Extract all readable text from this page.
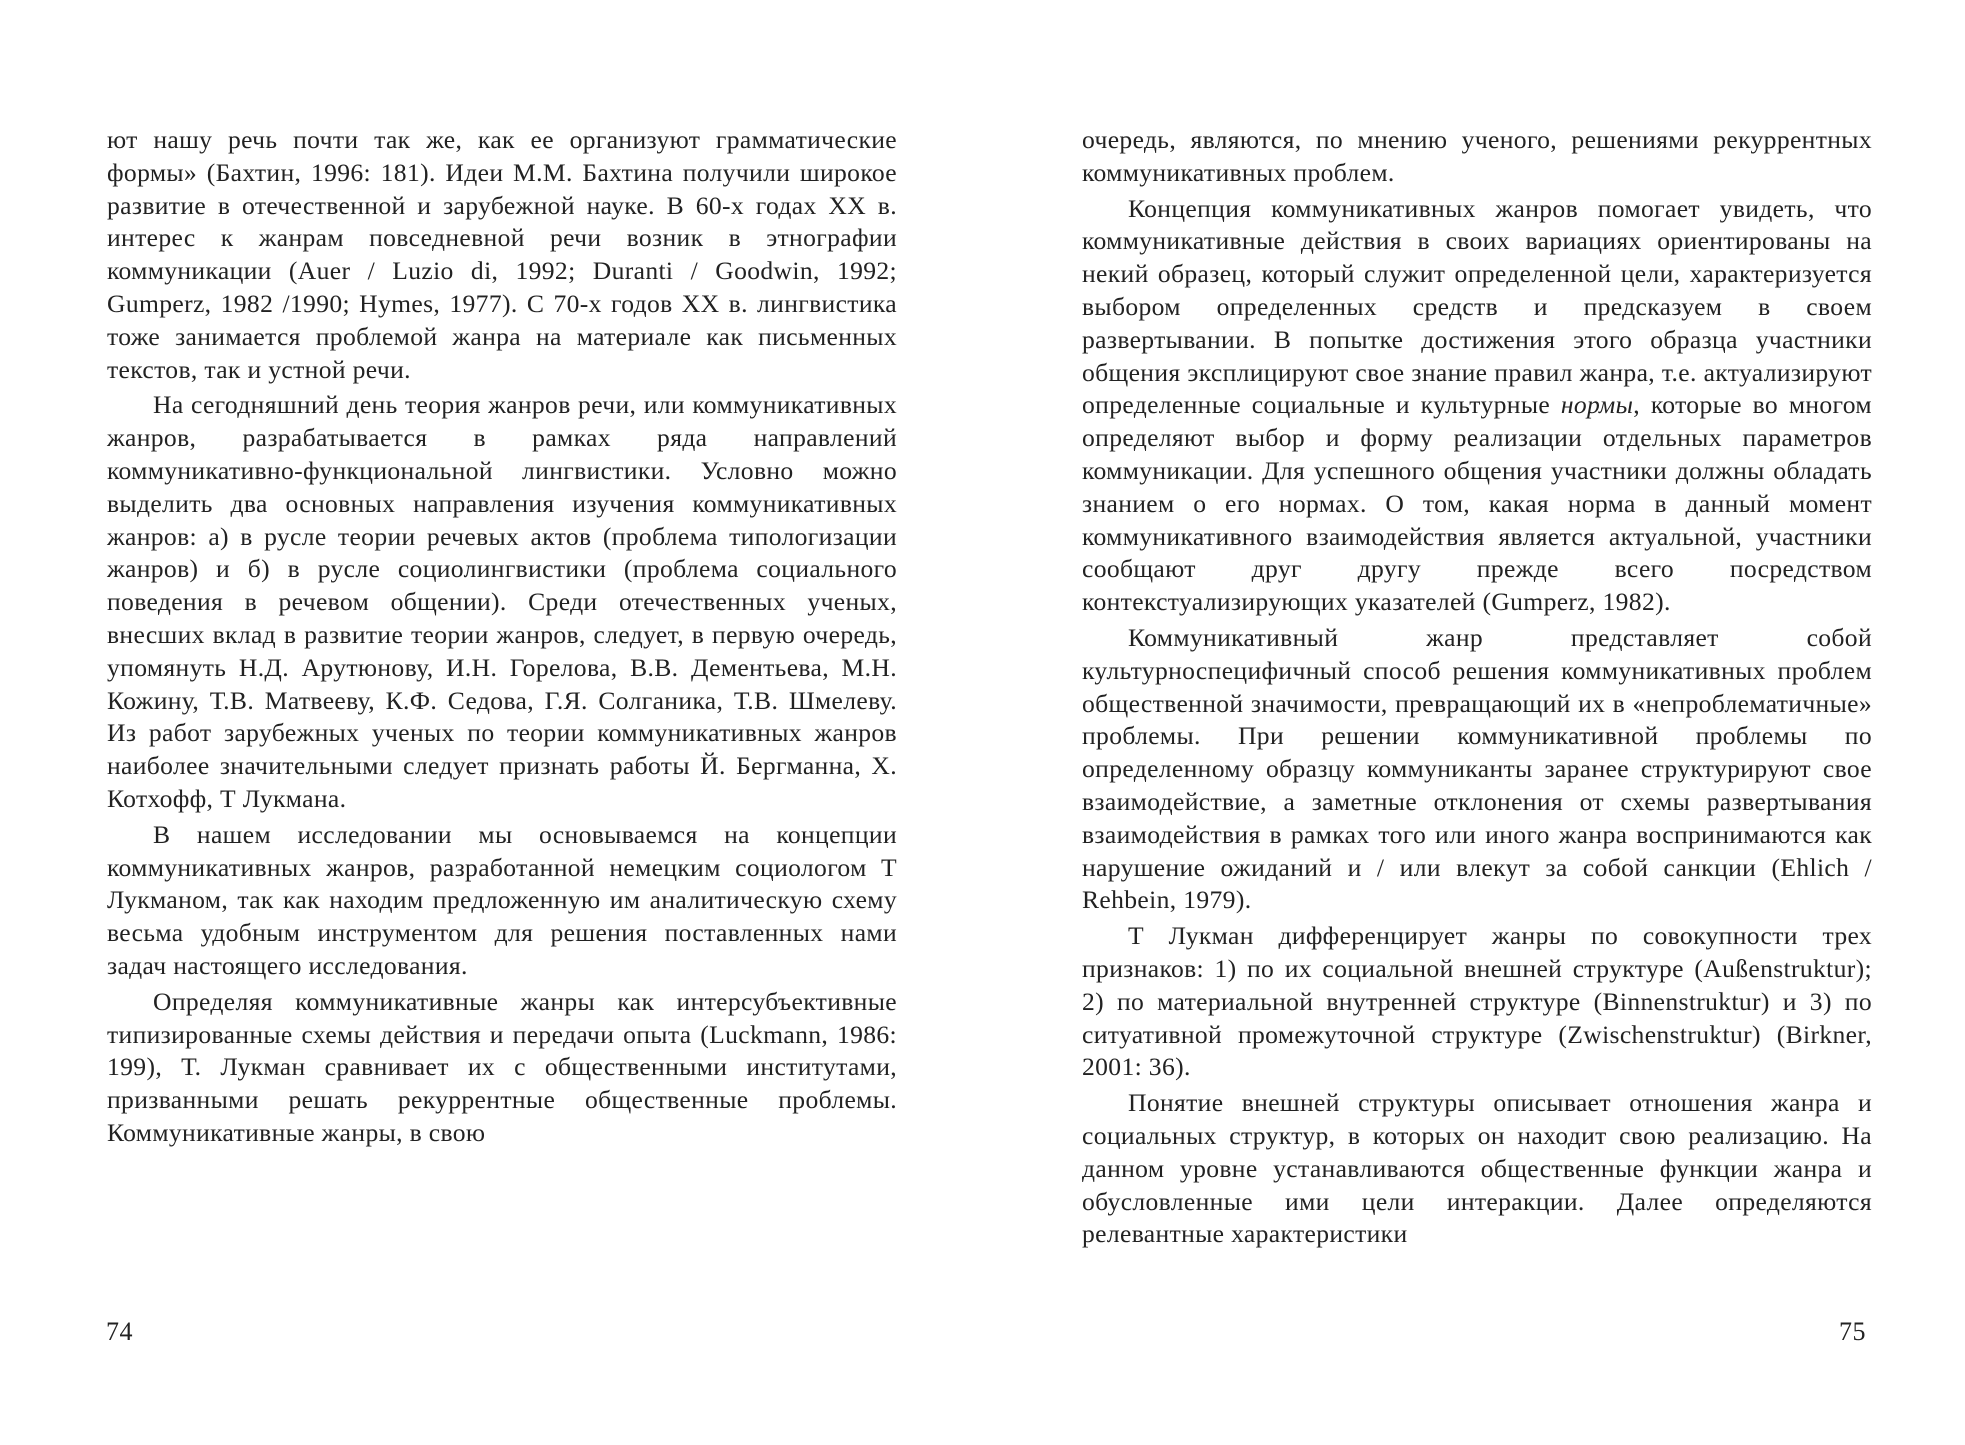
ют нашу речь почти так же, как ее организуют грамматические формы» (Бахтин, 1996: 181). Идеи М.М. Бахтина получили широкое развитие в отечественной и зарубежной науке. В 60-х годах XX в. интерес к жанрам повседневной речи возник в этнографии коммуникации (Auer / Luzio di, 1992; Duranti / Goodwin, 1992; Gumperz, 1982 /1990; Hymes, 1977). С 70-х годов XX в. лингвистика тоже занимается проблемой жанра на материале как письменных текстов, так и устной речи.

На сегодняшний день теория жанров речи, или коммуникативных жанров, разрабатывается в рамках ряда направлений коммуникативно-функциональной лингвистики. Условно можно выделить два основных направления изучения коммуникативных жанров: а) в русле теории речевых актов (проблема типологизации жанров) и б) в русле социолингвистики (проблема социального поведения в речевом общении). Среди отечественных ученых, внесших вклад в развитие теории жанров, следует, в первую очередь, упомянуть Н.Д. Арутюнову, И.Н. Горелова, В.В. Дементьева, М.Н. Кожину, Т.В. Матвееву, К.Ф. Седова, Г.Я. Солганика, Т.В. Шмелеву. Из работ зарубежных ученых по теории коммуникативных жанров наиболее значительными следует признать работы Й. Бергманна, Х. Котхофф, Т Лукмана.

В нашем исследовании мы основываемся на концепции коммуникативных жанров, разработанной немецким социологом Т Лукманом, так как находим предложенную им аналитическую схему весьма удобным инструментом для решения поставленных нами задач настоящего исследования.

Определяя коммуникативные жанры как интерсубъективные типизированные схемы действия и передачи опыта (Luckmann, 1986: 199), Т. Лукман сравнивает их с общественными институтами, призванными решать рекуррентные общественные проблемы. Коммуникативные жанры, в свою

74

очередь, являются, по мнению ученого, решениями рекуррентных коммуникативных проблем.

Концепция коммуникативных жанров помогает увидеть, что коммуникативные действия в своих вариациях ориентированы на некий образец, который служит определенной цели, характеризуется выбором определенных средств и предсказуем в своем развертывании. В попытке достижения этого образца участники общения эксплицируют свое знание правил жанра, т.е. актуализируют определенные социальные и культурные нормы, которые во многом определяют выбор и форму реализации отдельных параметров коммуникации. Для успешного общения участники должны обладать знанием о его нормах. О том, какая норма в данный момент коммуникативного взаимодействия является актуальной, участники сообщают друг другу прежде всего посредством контекстуализирующих указателей (Gumperz, 1982).

Коммуникативный жанр представляет собой культурноспецифичный способ решения коммуникативных проблем общественной значимости, превращающий их в «непроблематичные» проблемы. При решении коммуникативной проблемы по определенному образцу коммуниканты заранее структурируют свое взаимодействие, а заметные отклонения от схемы развертывания взаимодействия в рамках того или иного жанра воспринимаются как нарушение ожиданий и / или влекут за собой санкции (Ehlich / Rehbein, 1979).

Т Лукман дифференцирует жанры по совокупности трех признаков: 1) по их социальной внешней структуре (Außenstruktur); 2) по материальной внутренней структуре (Binnenstruktur) и 3) по ситуативной промежуточной структуре (Zwischenstruktur) (Birkner, 2001: 36).

Понятие внешней структуры описывает отношения жанра и социальных структур, в которых он находит свою реализацию. На данном уровне устанавливаются общественные функции жанра и обусловленные ими цели интеракции. Далее определяются релевантные характеристики

75
